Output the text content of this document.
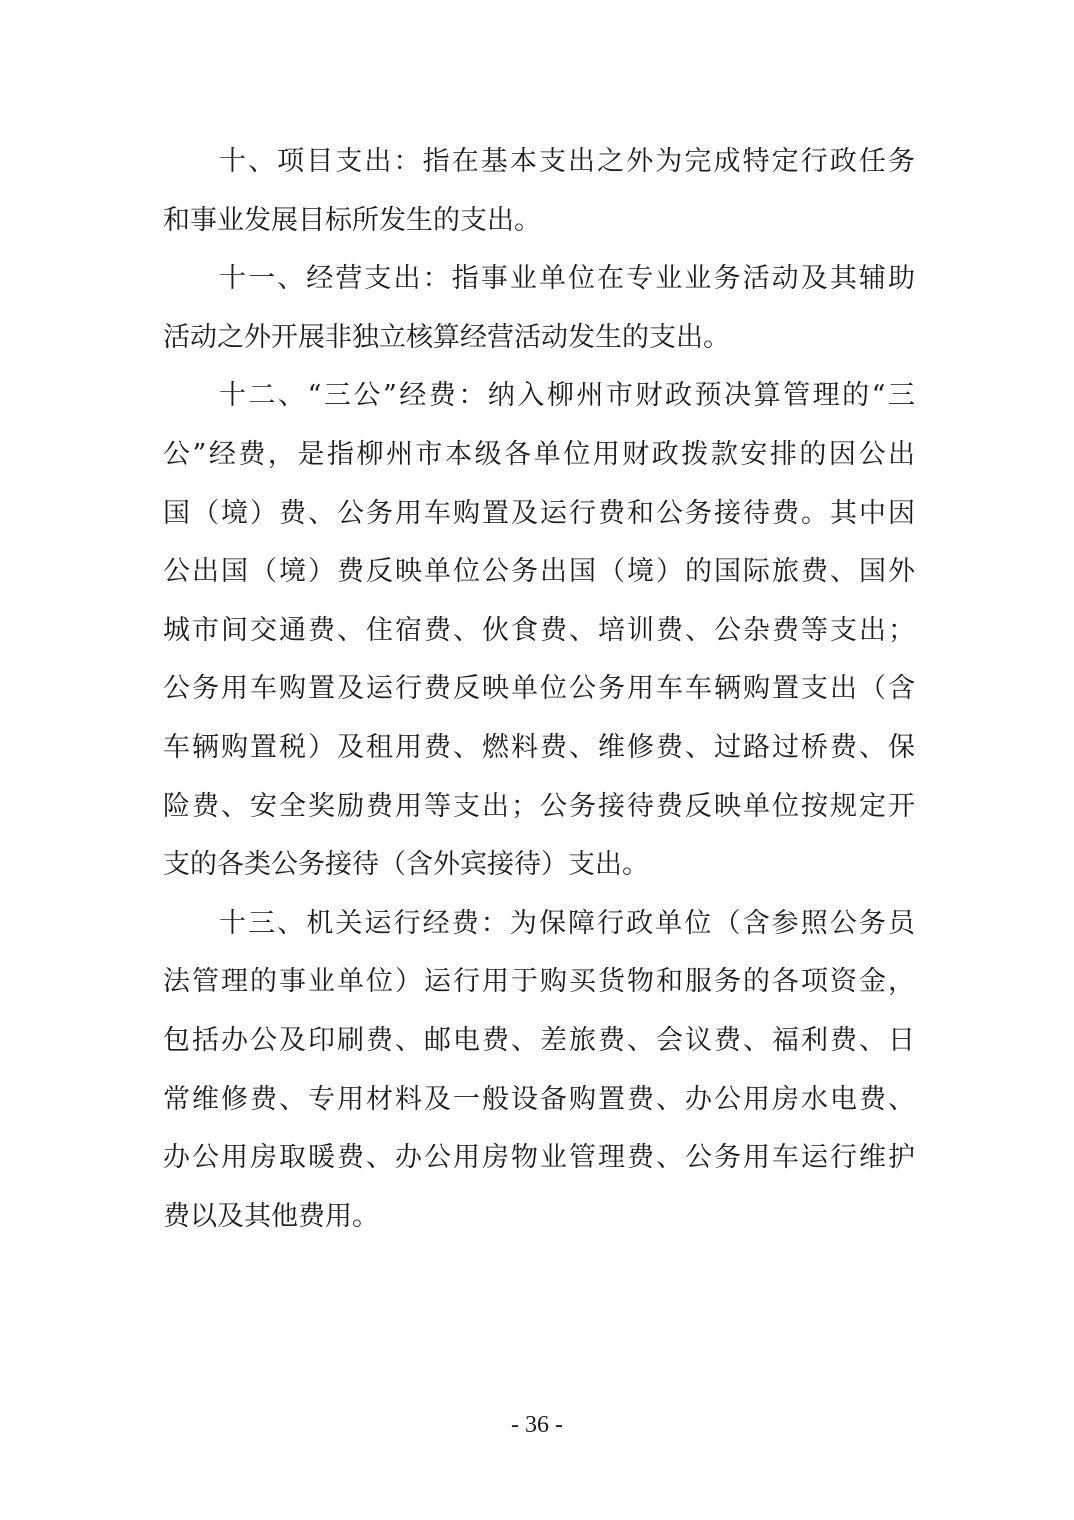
十、项目支出：指在基本支出之外为完成特定行政任务
和事业发展目标所发生的支出。
十一、经营支出：指事业单位在专业业务活动及其辅助
活动之外开展非独立核算经营活动发生的支出。
十二、“三公”经费：纳入柳州市财政预决算管理的“三
公”经费，是指柳州市本级各单位用财政拨款安排的因公出
国（境）费、公务用车购置及运行费和公务接待费。其中因
公出国（境）费反映单位公务出国（境）的国际旅费、国外
城市间交通费、住宿费、伙食费、培训费、公杂费等支出；
公务用车购置及运行费反映单位公务用车车辆购置支出（含
车辆购置税）及租用费、燃料费、维修费、过路过桥费、保
险费、安全奖励费用等支出；公务接待费反映单位按规定开
支的各类公务接待（含外宾接待）支出。
十三、机关运行经费：为保障行政单位（含参照公务员
法管理的事业单位）运行用于购买货物和服务的各项资金，
包括办公及印刷费、邮电费、差旅费、会议费、福利费、日
常维修费、专用材料及一般设备购置费、办公用房水电费、
办公用房取暖费、办公用房物业管理费、公务用车运行维护
费以及其他费用。
- 36 -
